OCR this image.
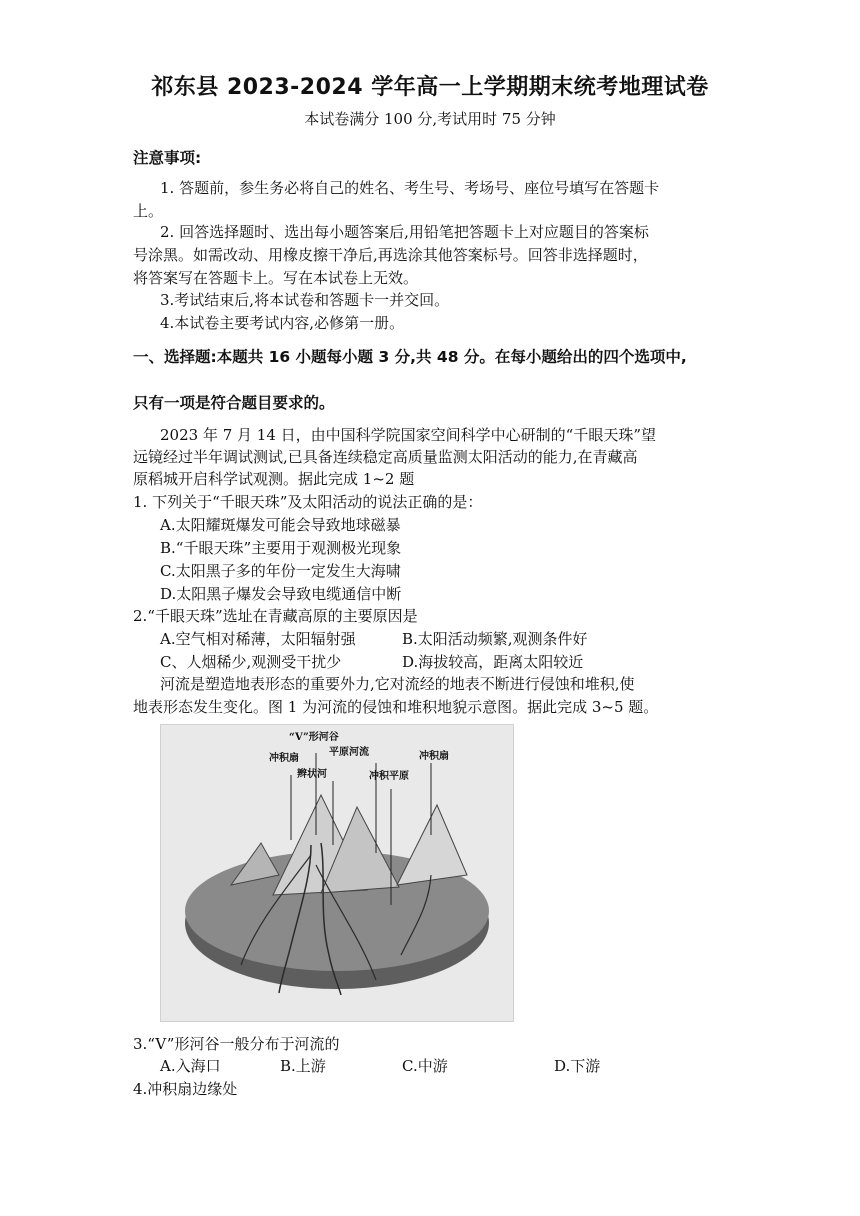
祁东县 2023-2024 学年高一上学期期末统考地理试卷
本试卷满分 100 分,考试用时 75 分钟
注意事项:
1. 答题前，参生务必将自己的姓名、考生号、考场号、座位号填写在答题卡
上。
2. 回答选择题时、选出每小题答案后,用铅笔把答题卡上对应题目的答案标
号涂黑。如需改动、用橡皮擦干净后,再选涂其他答案标号。回答非选择题时，
将答案写在答题卡上。写在本试卷上无效。
3.考试结束后,将本试卷和答题卡一并交回。
4.本试卷主要考试内容,必修第一册。
一、选择题:本题共 16 小题每小题 3 分,共 48 分。在每小题给出的四个选项中,
只有一项是符合题目要求的。
2023 年 7 月 14 日，由中国科学院国家空间科学中心研制的“千眼天珠”望
远镜经过半年调试测试,已具备连续稳定高质量监测太阳活动的能力,在青藏高
原稻城开启科学试观测。据此完成 1~2 题
1. 下列关于“千眼天珠”及太阳活动的说法正确的是：
A.太阳耀斑爆发可能会导致地球磁暴
B.“千眼天珠”主要用于观测极光现象
C.太阳黑子多的年份一定发生大海啸
D.太阳黑子爆发会导致电缆通信中断
2.“千眼天珠”选址在青藏高原的主要原因是
A.空气相对稀薄，太阳辐射强	B.太阳活动频繁,观测条件好
C、人烟稀少,观测受干扰少	D.海拔较高，距离太阳较近
河流是塑造地表形态的重要外力,它对流经的地表不断进行侵蚀和堆积,使
地表形态发生变化。图 1 为河流的侵蚀和堆积地貌示意图。据此完成 3~5 题。
“V”形河谷
冲积扇
平原河流	冲积扇
辫状河	冲积平原
3.“V”形河谷一般分布于河流的
A.入海口	B.上游	C.中游	D.下游
4.冲积扇边缘处
